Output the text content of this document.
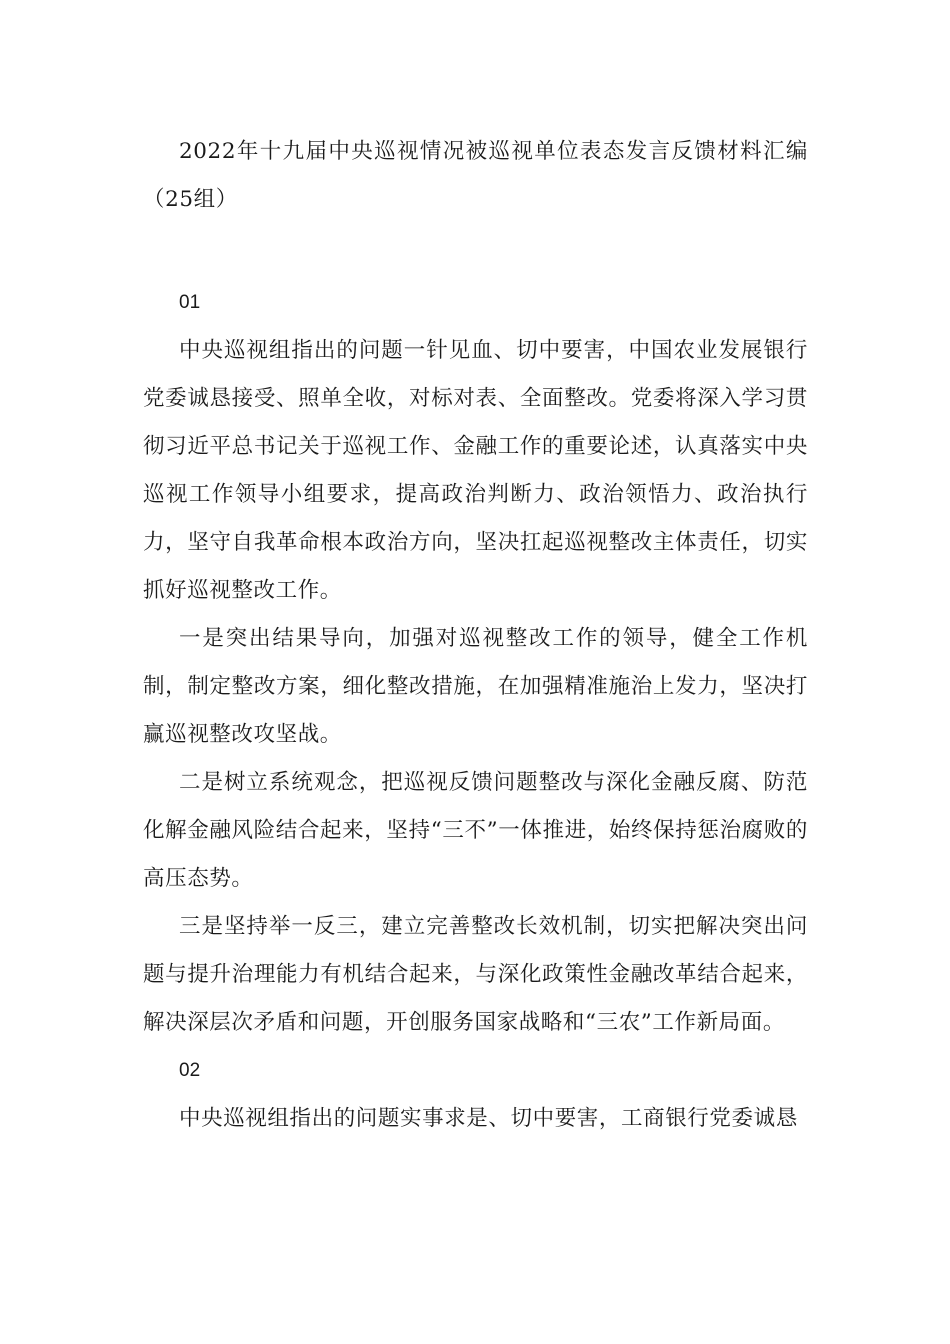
2022年十九届中央巡视情况被巡视单位表态发言反馈材料汇编（25组）

01

中央巡视组指出的问题一针见血、切中要害，中国农业发展银行党委诚恳接受、照单全收，对标对表、全面整改。党委将深入学习贯彻习近平总书记关于巡视工作、金融工作的重要论述，认真落实中央巡视工作领导小组要求，提高政治判断力、政治领悟力、政治执行力，坚守自我革命根本政治方向，坚决扛起巡视整改主体责任，切实抓好巡视整改工作。

一是突出结果导向，加强对巡视整改工作的领导，健全工作机制，制定整改方案，细化整改措施，在加强精准施治上发力，坚决打赢巡视整改攻坚战。

二是树立系统观念，把巡视反馈问题整改与深化金融反腐、防范化解金融风险结合起来，坚持“三不”一体推进，始终保持惩治腐败的高压态势。

三是坚持举一反三，建立完善整改长效机制，切实把解决突出问题与提升治理能力有机结合起来，与深化政策性金融改革结合起来，解决深层次矛盾和问题，开创服务国家战略和“三农”工作新局面。

02

中央巡视组指出的问题实事求是、切中要害，工商银行党委诚恳
